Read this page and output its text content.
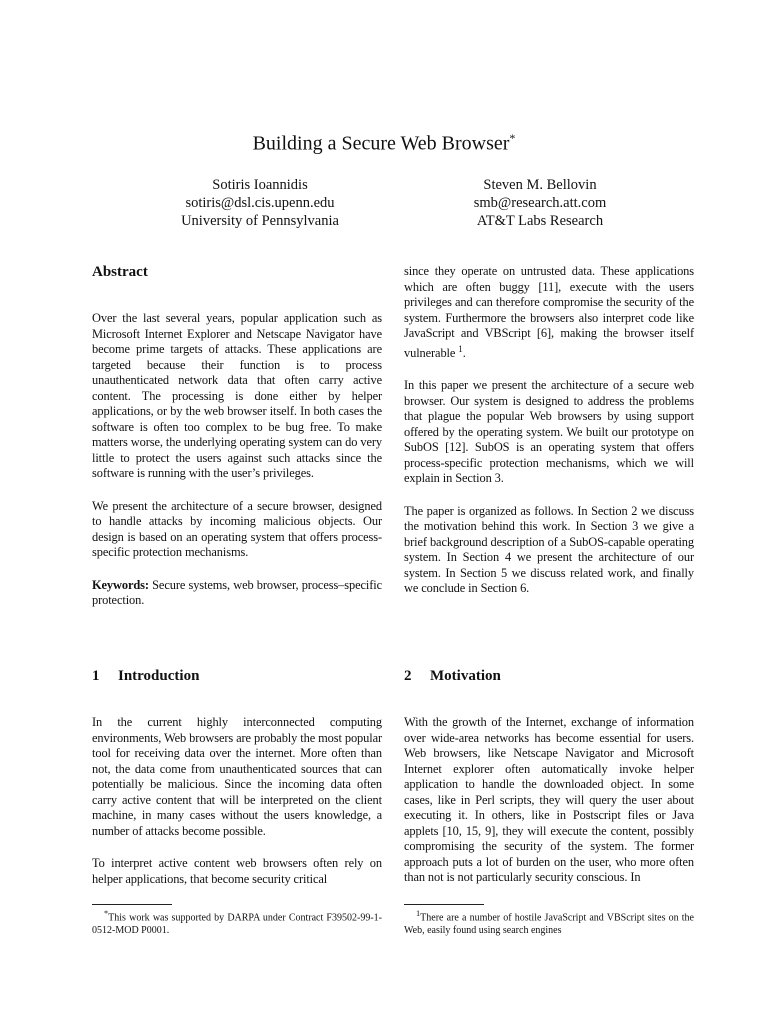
Building a Secure Web Browser*
Sotiris Ioannidis
sotiris@dsl.cis.upenn.edu
University of Pennsylvania
Steven M. Bellovin
smb@research.att.com
AT&T Labs Research
Abstract

Over the last several years, popular application such as Microsoft Internet Explorer and Netscape Navigator have become prime targets of attacks. These applications are targeted because their function is to process unauthenticated network data that often carry active content. The processing is done either by helper applications, or by the web browser itself. In both cases the software is often too complex to be bug free. To make matters worse, the underlying operating system can do very little to protect the users against such attacks since the software is running with the user’s privileges.

We present the architecture of a secure browser, designed to handle attacks by incoming malicious objects. Our design is based on an operating system that offers process-specific protection mechanisms.

Keywords: Secure systems, web browser, process–specific protection.

1 Introduction

In the current highly interconnected computing environments, Web browsers are probably the most popular tool for receiving data over the internet. More often than not, the data come from unauthenticated sources that can potentially be malicious. Since the incoming data often carry active content that will be interpreted on the client machine, in many cases without the users knowledge, a number of attacks become possible.

To interpret active content web browsers often rely on helper applications, that become security critical

*This work was supported by DARPA under Contract F39502-99-1-0512-MOD P0001.

since they operate on untrusted data. These applications which are often buggy [11], execute with the users privileges and can therefore compromise the security of the system. Furthermore the browsers also interpret code like JavaScript and VBScript [6], making the browser itself vulnerable $^1$.

In this paper we present the architecture of a secure web browser. Our system is designed to address the problems that plague the popular Web browsers by using support offered by the operating system. We built our prototype on SubOS [12]. SubOS is an operating system that offers process-specific protection mechanisms, which we will explain in Section 3.

The paper is organized as follows. In Section 2 we discuss the motivation behind this work. In Section 3 we give a brief background description of a SubOS-capable operating system. In Section 4 we present the architecture of our system. In Section 5 we discuss related work, and finally we conclude in Section 6.

2 Motivation

With the growth of the Internet, exchange of information over wide-area networks has become essential for users. Web browsers, like Netscape Navigator and Microsoft Internet explorer often automatically invoke helper application to handle the downloaded object. In some cases, like in Perl scripts, they will query the user about executing it. In others, like in Postscript files or Java applets [10, 15, 9], they will execute the content, possibly compromising the security of the system. The former approach puts a lot of burden on the user, who more often than not is not particularly security conscious. In

$^1$There are a number of hostile JavaScript and VBScript sites on the Web, easily found using search engines
